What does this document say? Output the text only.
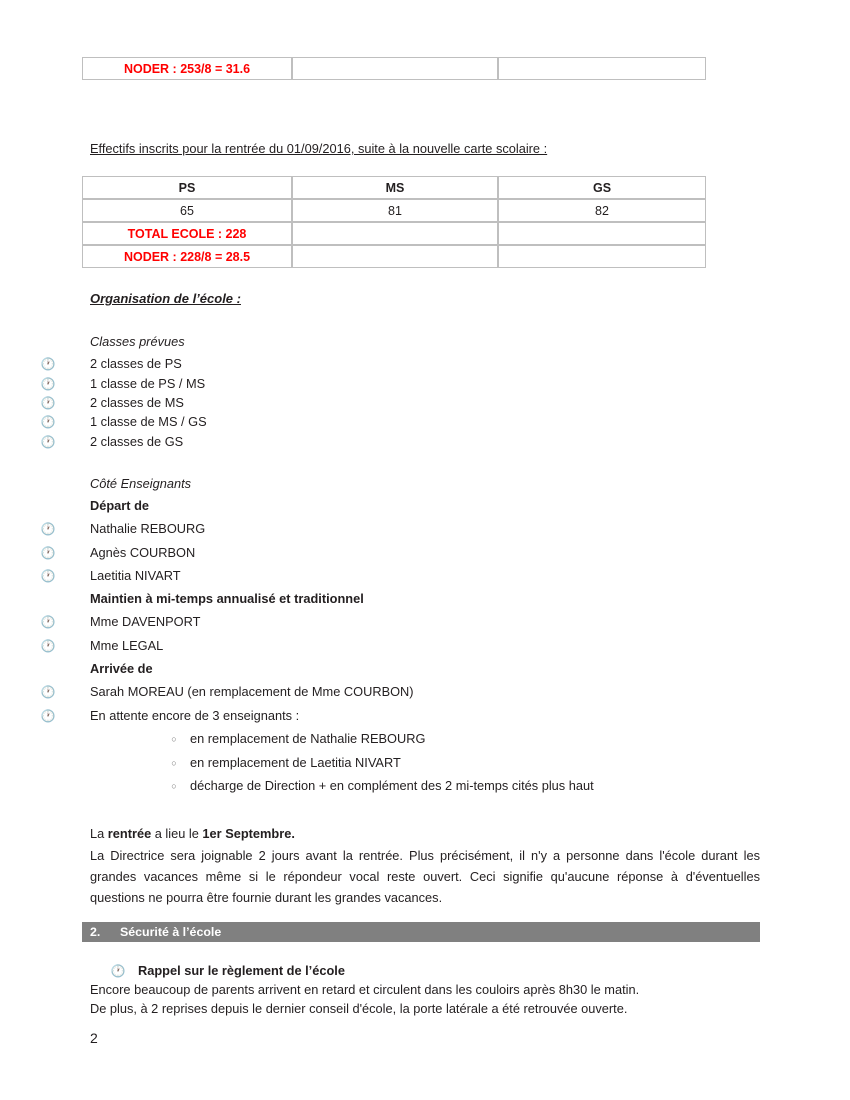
NODER : 253/8 = 31.6		
Effectifs inscrits pour la rentrée du 01/09/2016, suite à la nouvelle carte scolaire :
PS	MS	GS
65	81	82
TOTAL ECOLE : 228		
NODER : 228/8 = 28.5		
Organisation de l’école :
Classes prévues
🕐	2 classes de PS
🕐	1 classe de PS / MS
🕐	2 classes de MS
🕐	1 classe de MS / GS
🕐	2 classes de GS
Côté Enseignants
Départ de
🕐	Nathalie REBOURG
🕐	Agnès COURBON
🕐	Laetitia NIVART
Maintien à mi-temps annualisé et traditionnel
🕐	Mme DAVENPORT
🕐	Mme LEGAL
Arrivée de
🕐	Sarah MOREAU (en remplacement de Mme COURBON)
🕐	En attente encore de 3 enseignants :
○ en remplacement de Nathalie REBOURG
○ en remplacement de Laetitia NIVART
○ décharge de Direction + en complément des 2 mi-temps cités plus haut
La rentrée a lieu le 1er Septembre.
La Directrice sera joignable 2 jours avant la rentrée. Plus précisément, il n'y a personne dans l'école durant les grandes vacances même si le répondeur vocal reste ouvert. Ceci signifie qu'aucune réponse à d'éventuelles questions ne pourra être fournie durant les grandes vacances.
2. Sécurité à l’école
🕐 Rappel sur le règlement de l’école
Encore beaucoup de parents arrivent en retard et circulent dans les couloirs après 8h30 le matin.
De plus, à 2 reprises depuis le dernier conseil d'école, la porte latérale a été retrouvée ouverte.
2
